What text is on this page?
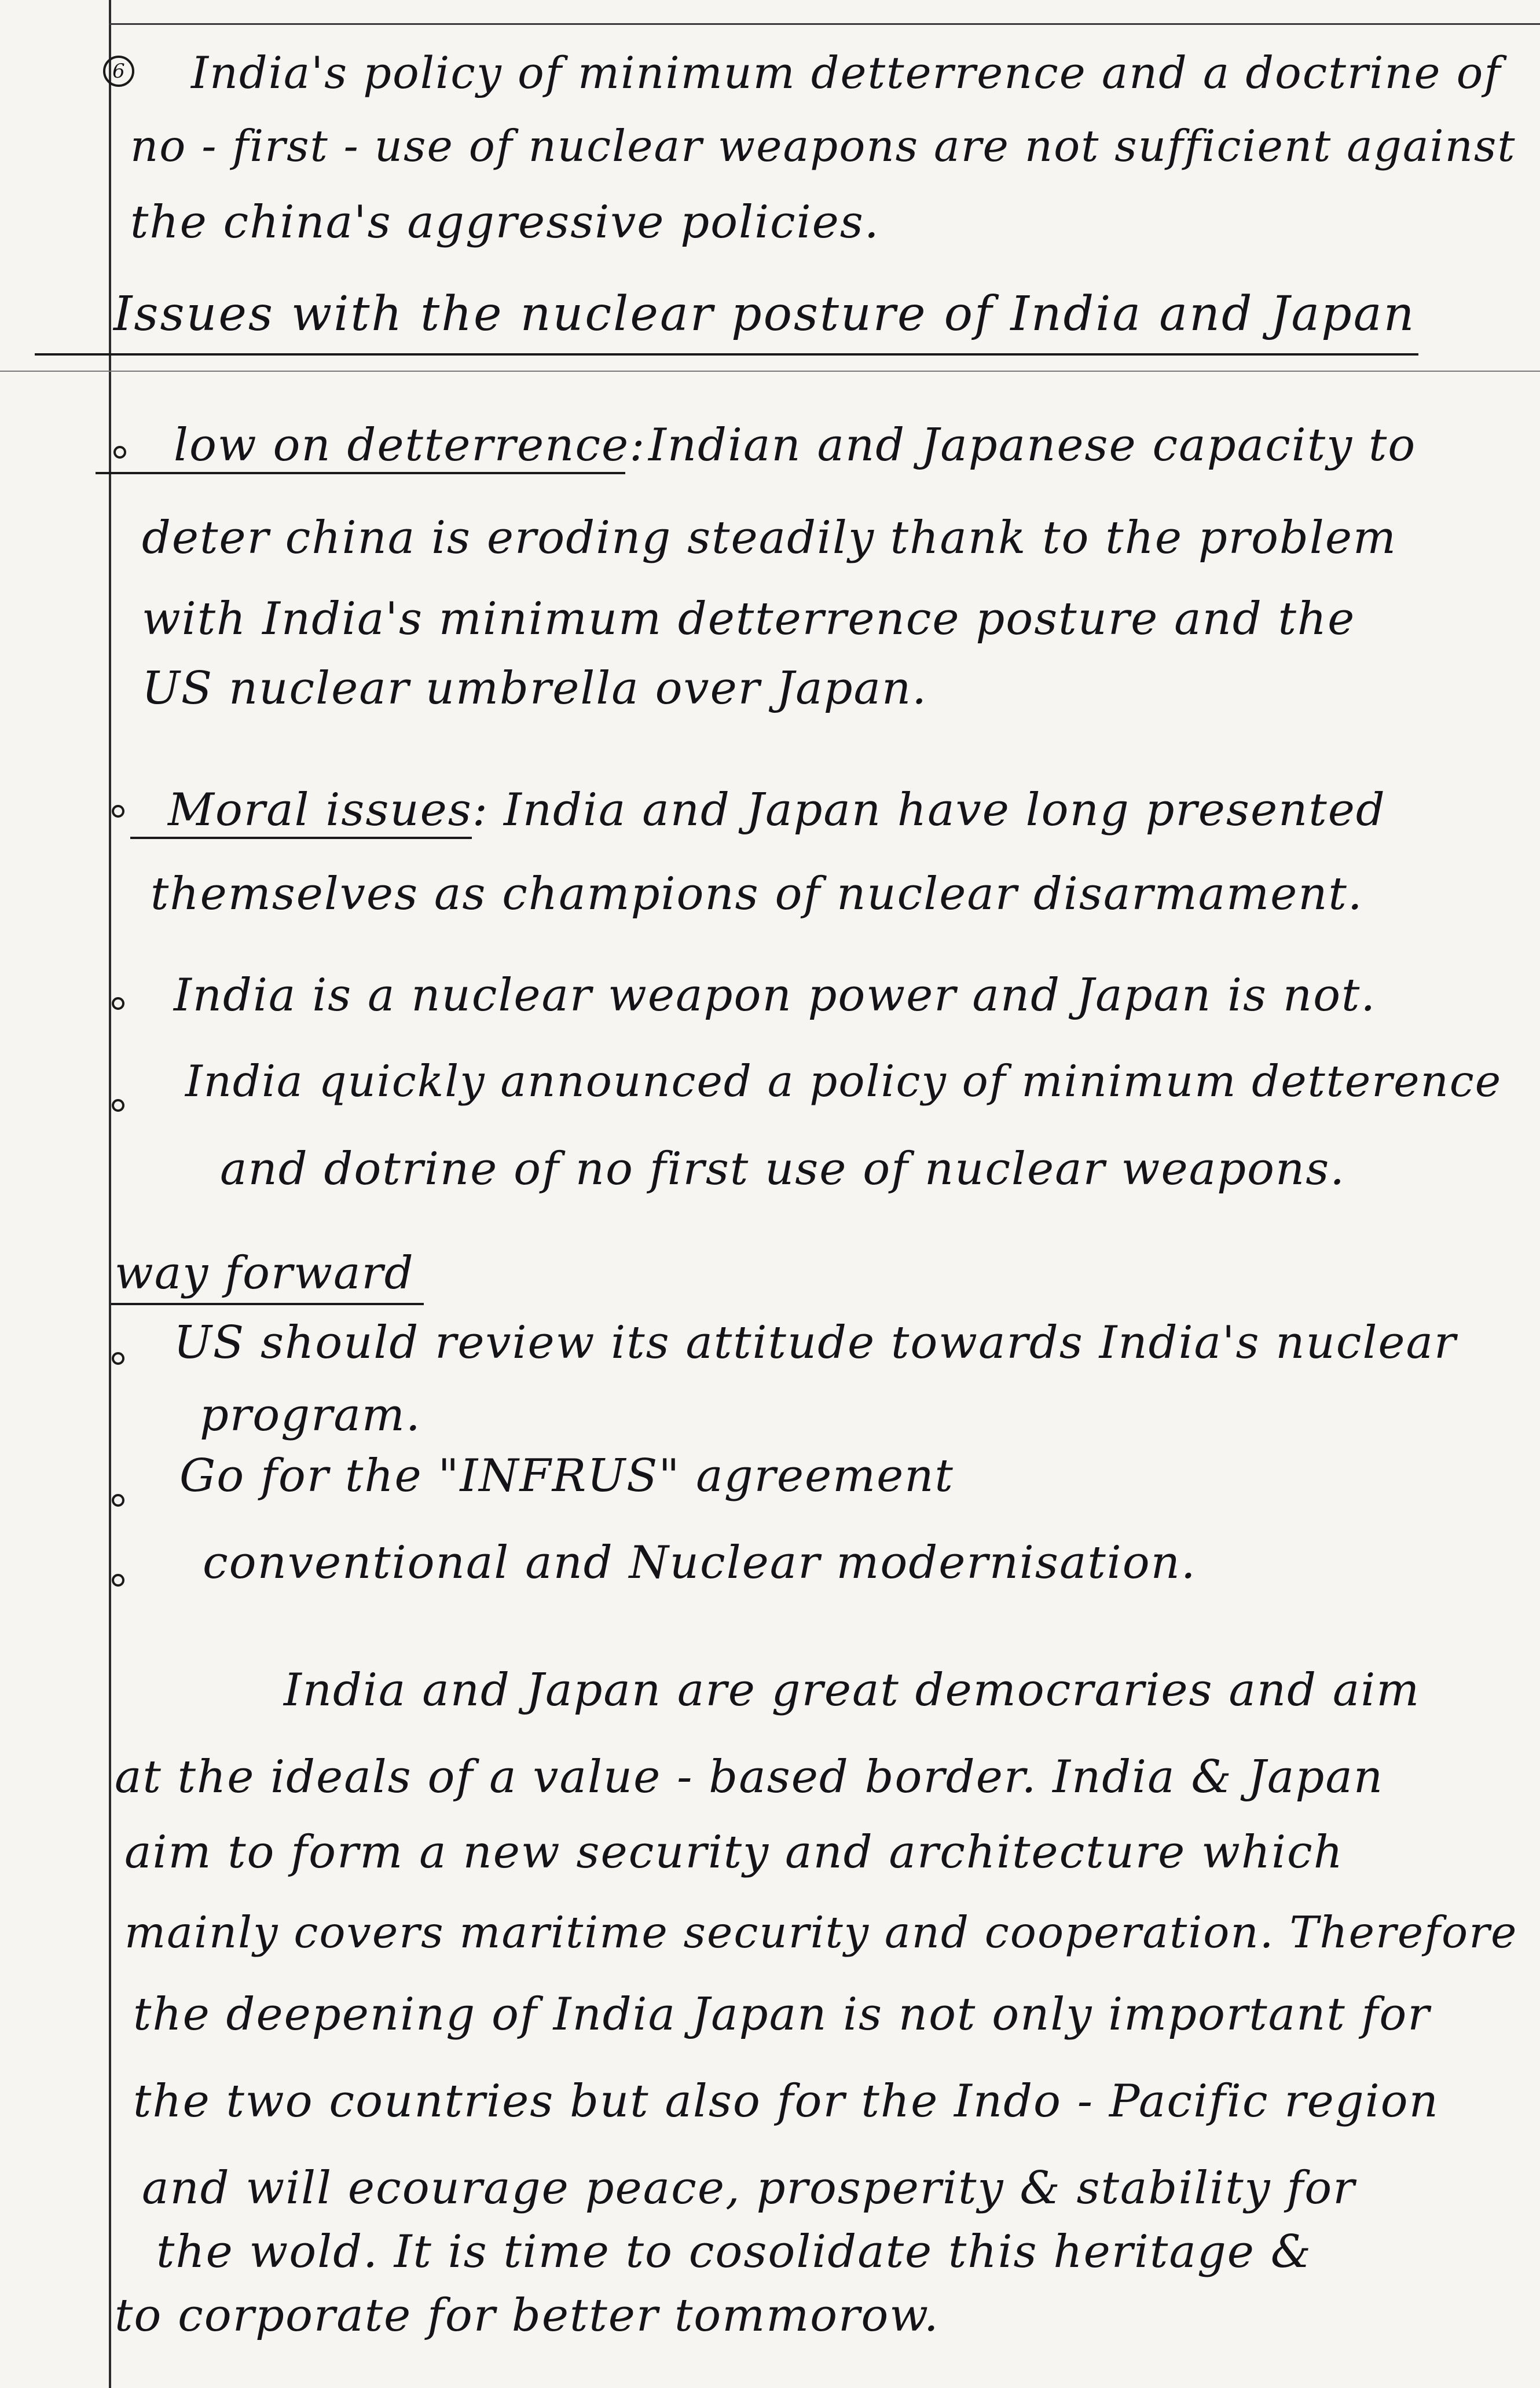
6 India's policy of minimum detterrence and a doctrine of
no - first - use of nuclear weapons are not sufficient against
the china's aggressive policies.
Issues with the nuclear posture of India and Japan
low on detterrence: Indian and Japanese capacity to
deter china is eroding steadily thank to the problem
with India's minimum detterrence posture and the
US nuclear umbrella over Japan.
Moral issues: India and Japan have long presented
themselves as champions of nuclear disarmament.
India is a nuclear weapon power and Japan is not.
India quickly announced a policy of minimum detterence
and dotrine of no first use of nuclear weapons.
way forward
US should review its attitude towards India's nuclear
program.
Go for the "INFRUS" agreement
conventional and Nuclear modernisation.
India and Japan are great democraries and aim
at the ideals of a value - based border. India & Japan
aim to form a new security and architecture which
mainly covers maritime security and cooperation. Therefore
the deepening of India Japan is not only important for
the two countries but also for the Indo - Pacific region
and will ecourage peace, prosperity & stability for
the wold. It is time to cosolidate this heritage &
to corporate for better tommorow.
